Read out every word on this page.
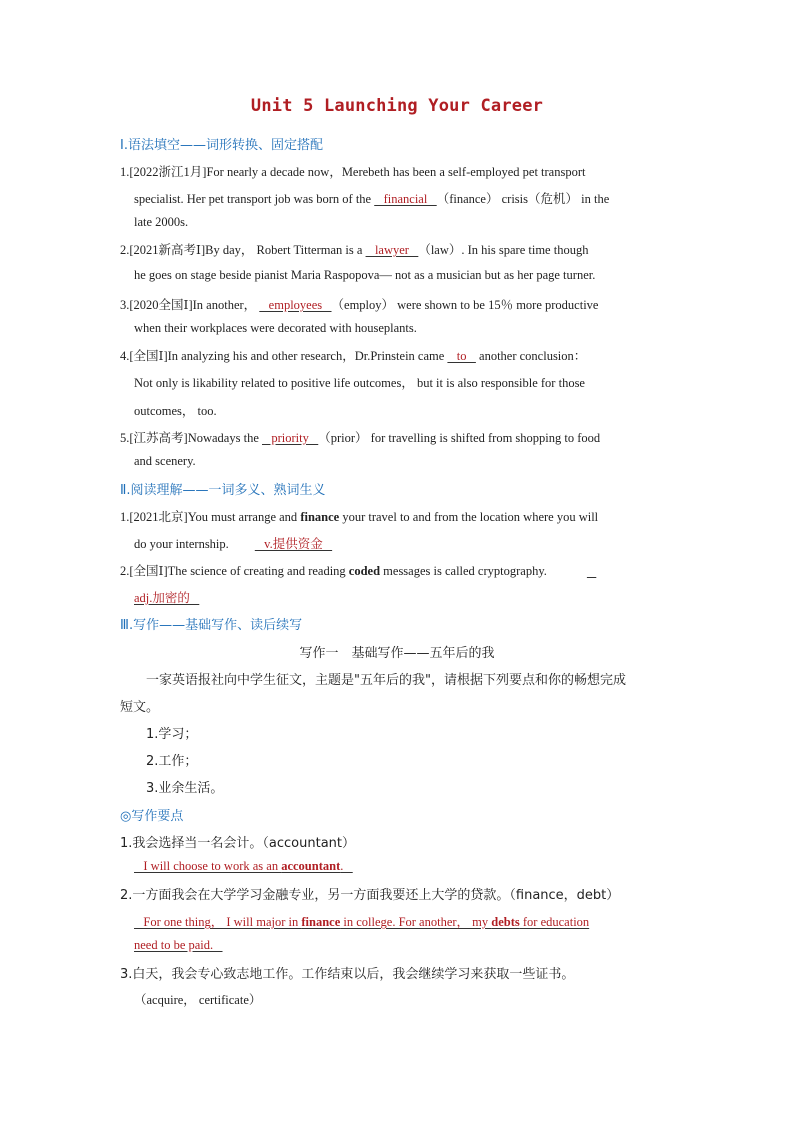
Unit 5 Launching Your Career
Ⅰ.语法填空——词形转换、固定搭配
1.[2022浙江1月]For nearly a decade now，Merebeth has been a self-employed pet transport
specialist. Her pet transport job was born of the    financial   （finance） crisis（危机） in the
late 2000s.
2.[2021新高考Ⅰ]By day， Robert Titterman is a    lawyer   （law）. In his spare time though
he goes on stage beside pianist Maria Raspopova— not as a musician but as her page turner.
3.[2020全国Ⅰ]In another，    employees   （employ） were shown to be 15％ more productive
when their workplaces were decorated with houseplants.
4.[全国Ⅰ]In analyzing his and other research，Dr.Prinstein came    to    another conclusion：
Not only is likability related to positive life outcomes， but it is also responsible for those
outcomes， too.
5.[江苏高考]Nowadays the    priority   （prior） for travelling is shifted from shopping to food
and scenery.
Ⅱ.阅读理解——一词多义、熟词生义
1.[2021北京]You must arrange and finance your travel to and from the location where you will
do your internship.   v.提供资金
2.[全国Ⅰ]The science of creating and reading coded messages is called cryptography.
adj.加密的
Ⅲ.写作——基础写作、读后续写
写作一　基础写作——五年后的我
一家英语报社向中学生征文，主题是"五年后的我"，请根据下列要点和你的畅想完成
短文。
1.学习；
2.工作；
3.业余生活。
◎写作要点
1.我会选择当一名会计。（accountant）
I will choose to work as an accountant.
2.一方面我会在大学学习金融专业，另一方面我要还上大学的贷款。（finance，debt）
For one thing， I will major in finance in college. For another， my debts for education
need to be paid.
3.白天，我会专心致志地工作。工作结束以后，我会继续学习来获取一些证书。
（acquire， certificate）
